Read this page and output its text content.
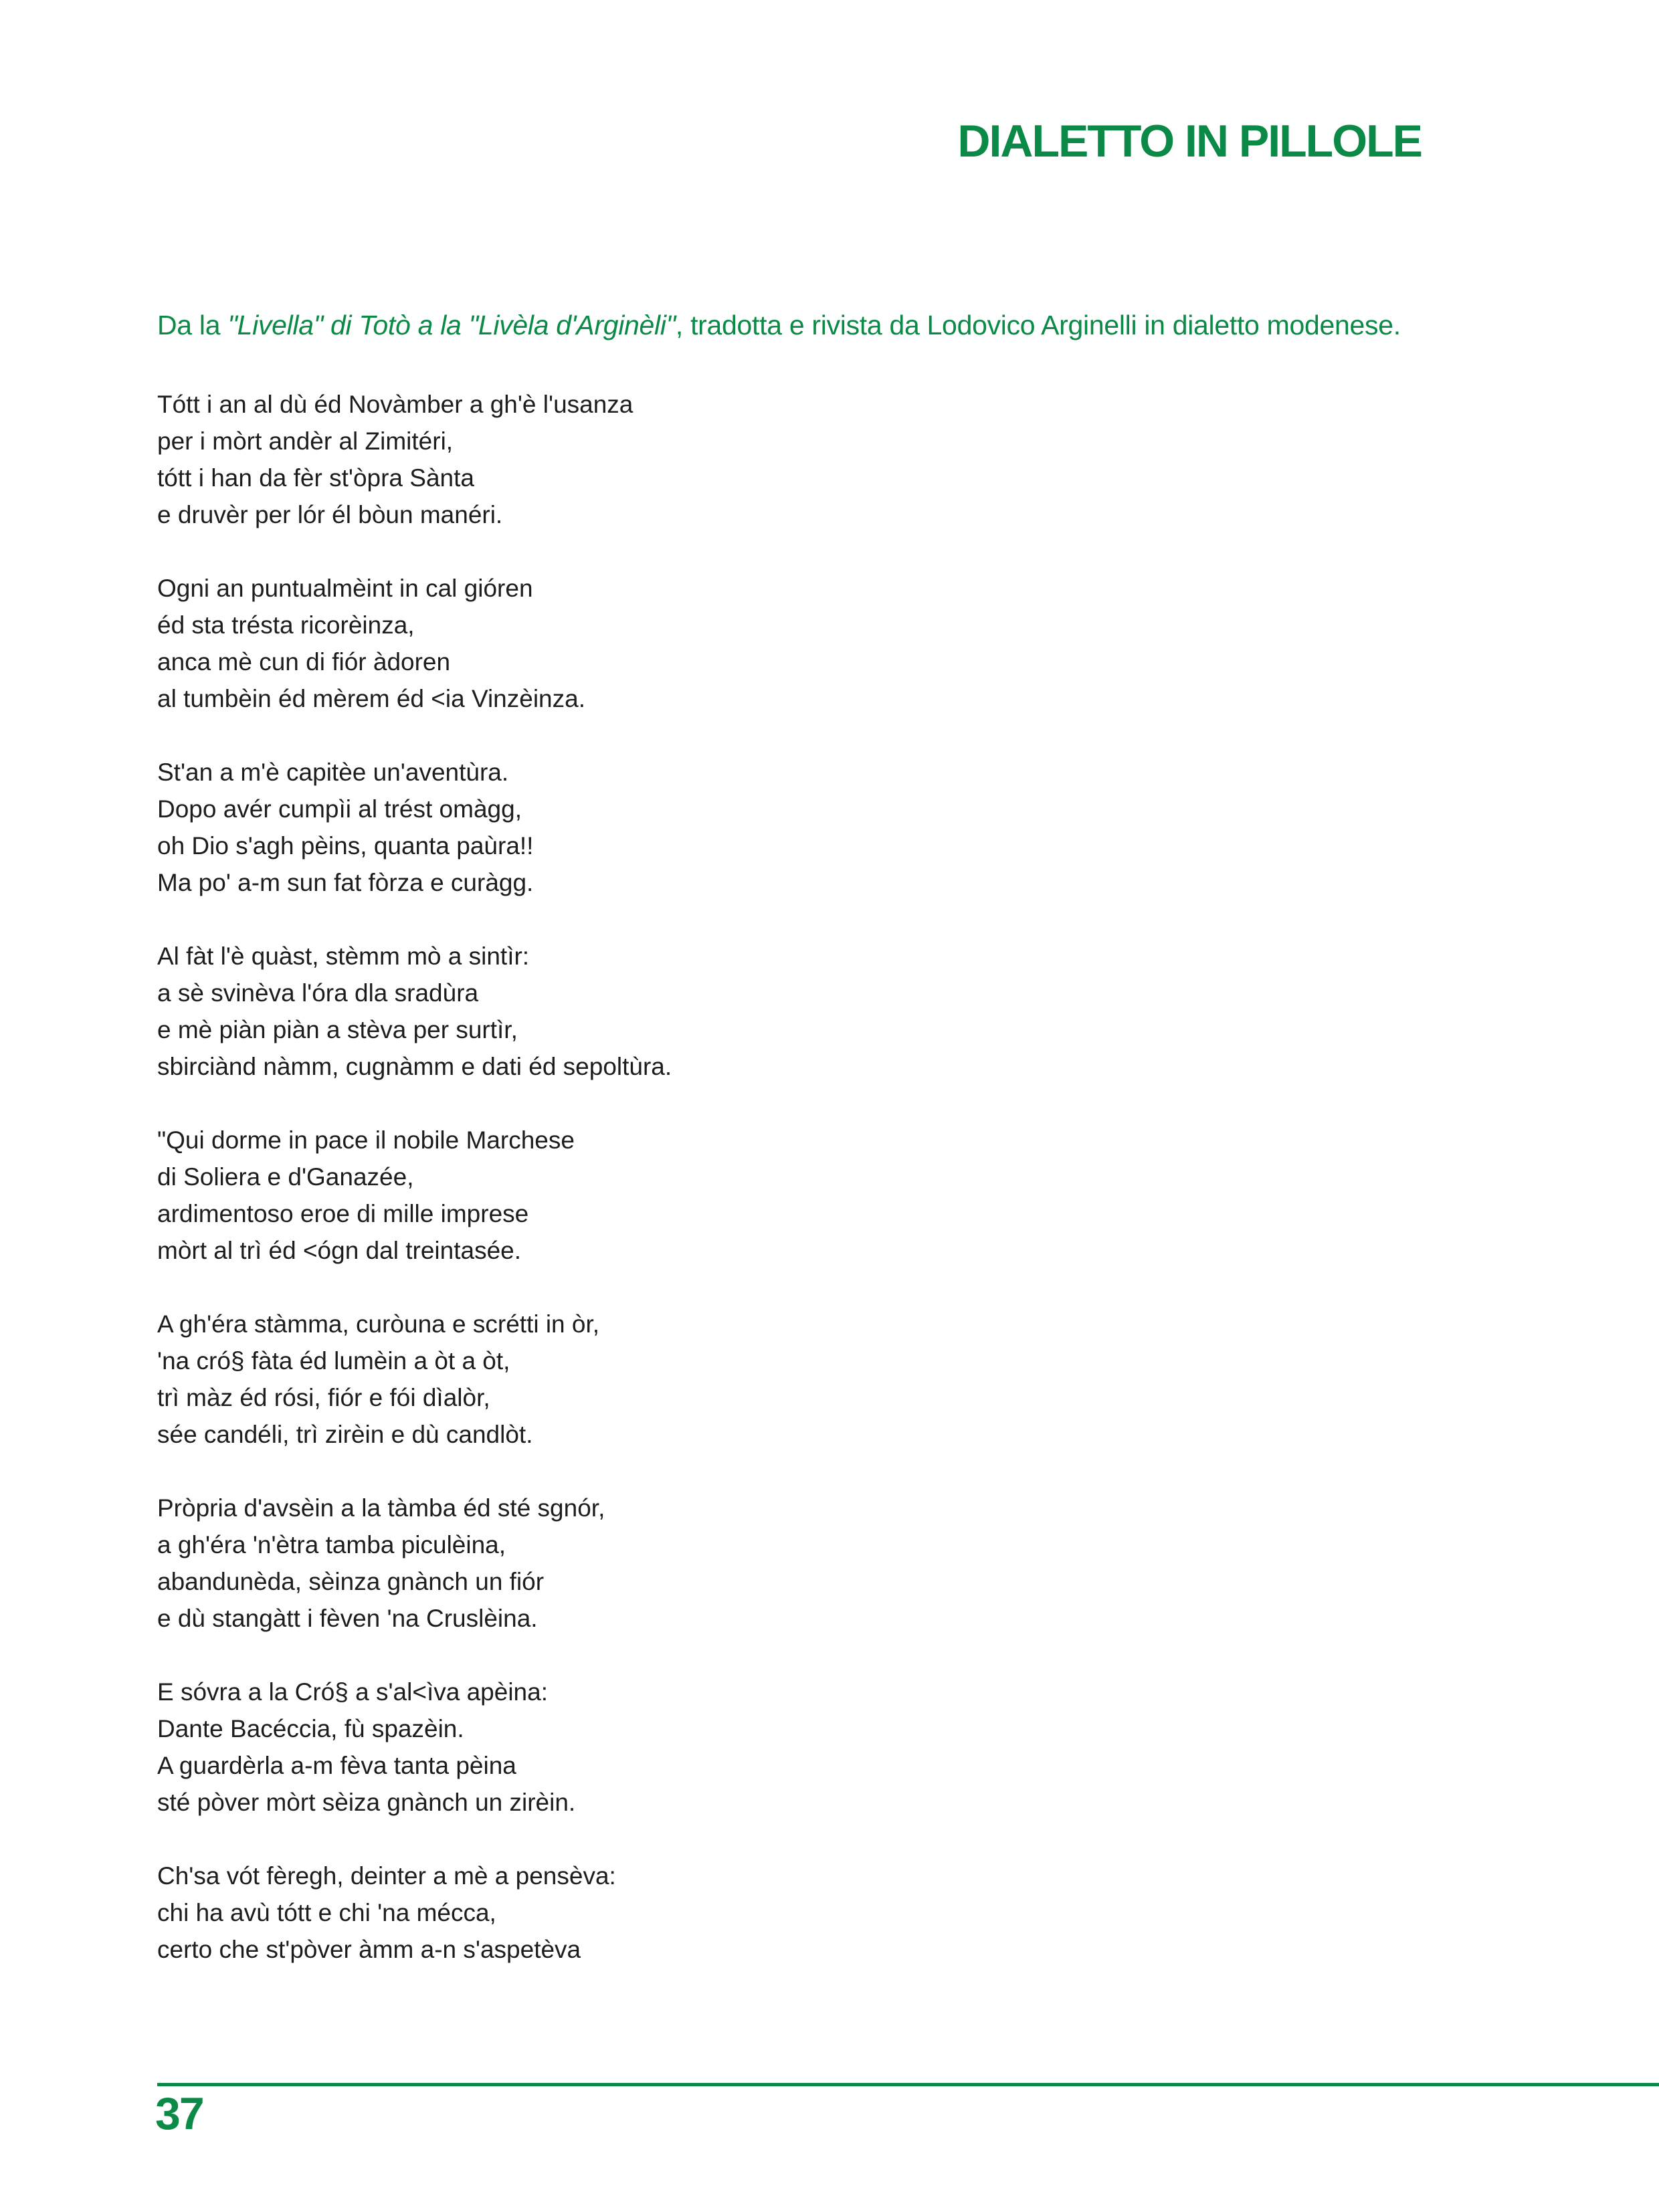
DIALETTO IN PILLOLE

Da la "Livella" di Totò a la "Livèla d'Arginèli", tradotta e rivista da Lodovico Arginelli in dialetto modenese.

Tótt i an al dù éd Novàmber a gh'è l'usanza
per i mòrt andèr al Zimitéri,
tótt i han da fèr st'òpra Sànta
e druvèr per lór él bòun manéri.
Ogni an puntualmèint in cal gióren
éd sta trésta ricorèinza,
anca mè cun di fiór àdoren
al tumbèin éd mèrem éd <ia Vinzèinza.
St'an a m'è capitèe un'aventùra.
Dopo avér cumpìi al trést omàgg,
oh Dio s'agh pèins, quanta paùra!!
Ma po' a-m sun fat fòrza e curàgg.
Al fàt l'è quàst, stèmm mò a sintìr:
a sè svinèva l'óra dla sradùra
e mè piàn piàn a stèva per surtìr,
sbirciànd nàmm, cugnàmm e dati éd sepoltùra.
"Qui dorme in pace il nobile Marchese
di Soliera e d'Ganazée,
ardimentoso eroe di mille imprese
mòrt al trì éd <ógn dal treintasée.
A gh'éra stàmma, curòuna e scrétti in òr,
'na cró§ fàta éd lumèin a òt a òt,
trì màz éd rósi, fiór e fói dìalòr,
sée candéli, trì zirèin e dù candlòt.
Pròpria d'avsèin a la tàmba éd sté sgnór,
a gh'éra 'n'ètra tamba piculèina,
abandunèda, sèinza gnànch un fiór
e dù stangàtt i fèven 'na Cruslèina.
E sóvra a la Cró§ a s'al<ìva apèina:
Dante Bacéccia, fù spazèin.
A guardèrla a-m fèva tanta pèina
sté pòver mòrt sèiza gnànch un zirèin.
Ch'sa vót fèregh, deinter a mè a pensèva:
chi ha avù tótt e chi 'na mécca,
certo che st'pòver àmm a-n s'aspetèva

37
